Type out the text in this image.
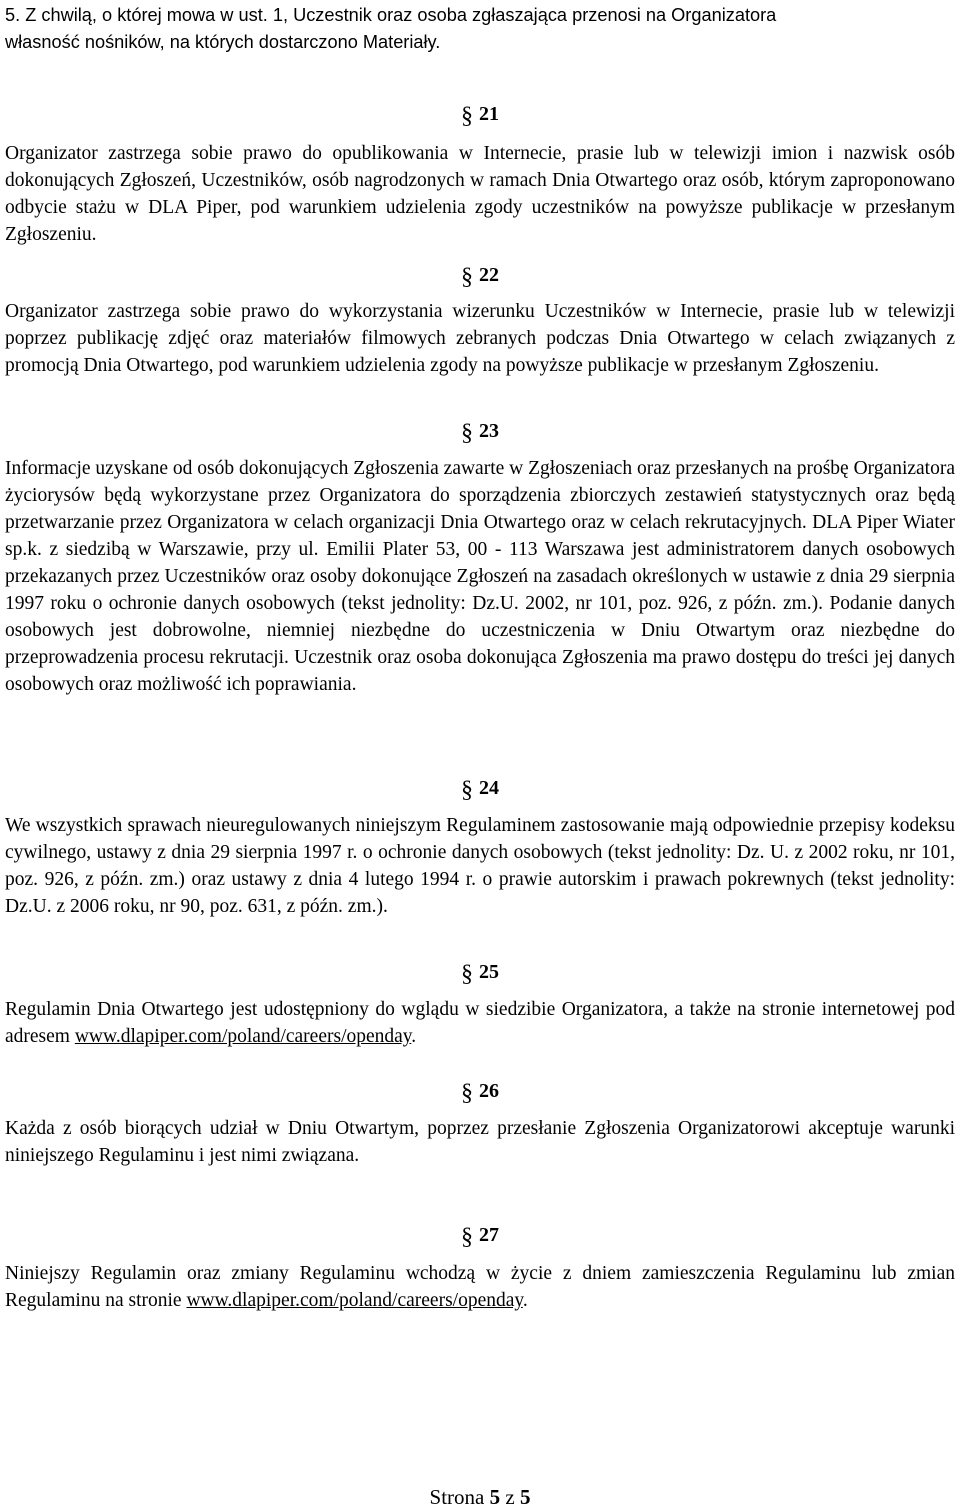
5. Z chwilą, o której mowa w ust. 1, Uczestnik oraz osoba zgłaszająca przenosi na Organizatora
własność nośników, na których dostarczono Materiały.

§ 21

Organizator zastrzega sobie prawo do opublikowania w Internecie, prasie lub w telewizji imion i nazwisk osób dokonujących Zgłoszeń, Uczestników, osób nagrodzonych w ramach Dnia Otwartego oraz osób, którym zaproponowano odbycie stażu w DLA Piper, pod warunkiem udzielenia zgody uczestników na powyższe publikacje w przesłanym Zgłoszeniu.

§ 22

Organizator zastrzega sobie prawo do wykorzystania wizerunku Uczestników w Internecie, prasie lub w telewizji poprzez publikację zdjęć oraz materiałów filmowych zebranych podczas Dnia Otwartego w celach związanych z promocją Dnia Otwartego, pod warunkiem udzielenia zgody na powyższe publikacje w przesłanym Zgłoszeniu.

§ 23

Informacje uzyskane od osób dokonujących Zgłoszenia zawarte w Zgłoszeniach oraz przesłanych na prośbę Organizatora życiorysów będą wykorzystane przez Organizatora do sporządzenia zbiorczych zestawień statystycznych oraz będą przetwarzanie przez Organizatora w celach organizacji Dnia Otwartego oraz w celach rekrutacyjnych. DLA Piper Wiater sp.k. z siedzibą w Warszawie, przy ul. Emilii Plater 53, 00 - 113 Warszawa jest administratorem danych osobowych przekazanych przez Uczestników oraz osoby dokonujące Zgłoszeń na zasadach określonych w ustawie z dnia 29 sierpnia 1997 roku o ochronie danych osobowych (tekst jednolity: Dz.U. 2002, nr 101, poz. 926, z późn. zm.). Podanie danych osobowych jest dobrowolne, niemniej niezbędne do uczestniczenia w Dniu Otwartym oraz niezbędne do przeprowadzenia procesu rekrutacji. Uczestnik oraz osoba dokonująca Zgłoszenia ma prawo dostępu do treści jej danych osobowych oraz możliwość ich poprawiania.

§ 24

We wszystkich sprawach nieuregulowanych niniejszym Regulaminem zastosowanie mają odpowiednie przepisy kodeksu cywilnego, ustawy z dnia 29 sierpnia 1997 r. o ochronie danych osobowych (tekst jednolity: Dz. U. z 2002 roku, nr 101, poz. 926, z późn. zm.) oraz ustawy z dnia 4 lutego 1994 r. o prawie autorskim i prawach pokrewnych (tekst jednolity: Dz.U. z 2006 roku, nr 90, poz. 631, z późn. zm.).

§ 25

Regulamin Dnia Otwartego jest udostępniony do wglądu w siedzibie Organizatora, a także na stronie internetowej pod adresem www.dlapiper.com/poland/careers/openday.

§ 26

Każda z osób biorących udział w Dniu Otwartym, poprzez przesłanie Zgłoszenia Organizatorowi akceptuje warunki niniejszego Regulaminu i jest nimi związana.

§ 27

Niniejszy Regulamin oraz zmiany Regulaminu wchodzą w życie z dniem zamieszczenia Regulaminu lub zmian Regulaminu na stronie www.dlapiper.com/poland/careers/openday.

Strona 5 z 5
